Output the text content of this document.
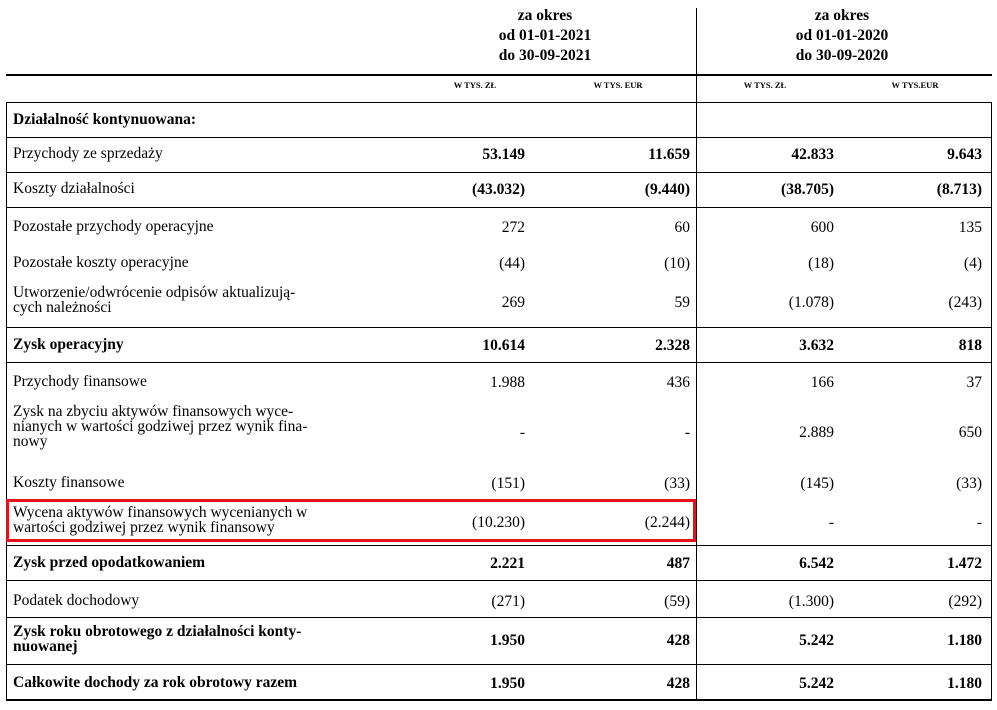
za okres
od 01-01-2021
do 30-09-2021
za okres
od 01-01-2020
do 30-09-2020
W TYS. ZŁ	W TYS. EUR	W TYS. ZŁ	W TYS.EUR
Działalność kontynuowana:
Przychody ze sprzedaży	53.149	11.659	42.833	9.643
Koszty działalności	(43.032)	(9.440)	(38.705)	(8.713)
Pozostałe przychody operacyjne	272	60	600	135
Pozostałe koszty operacyjne	(44)	(10)	(18)	(4)
Utworzenie/odwrócenie odpisów aktualizują-
cych należności	269	59	(1.078)	(243)
Zysk operacyjny	10.614	2.328	3.632	818
Przychody finansowe	1.988	436	166	37
Zysk na zbyciu aktywów finansowych wyce-
nianych w wartości godziwej przez wynik fina-
nowy
-	-	2.889	650
Koszty finansowe	(151)	(33)	(145)	(33)
Wycena aktywów finansowych wycenianych w
wartości godziwej przez wynik finansowy	(10.230)	(2.244)	-	-
Zysk przed opodatkowaniem	2.221	487	6.542	1.472
Podatek dochodowy	(271)	(59)	(1.300)	(292)
Zysk roku obrotowego z działalności konty-
nuowanej	1.950	428	5.242	1.180
Całkowite dochody za rok obrotowy razem	1.950	428	5.242	1.180
